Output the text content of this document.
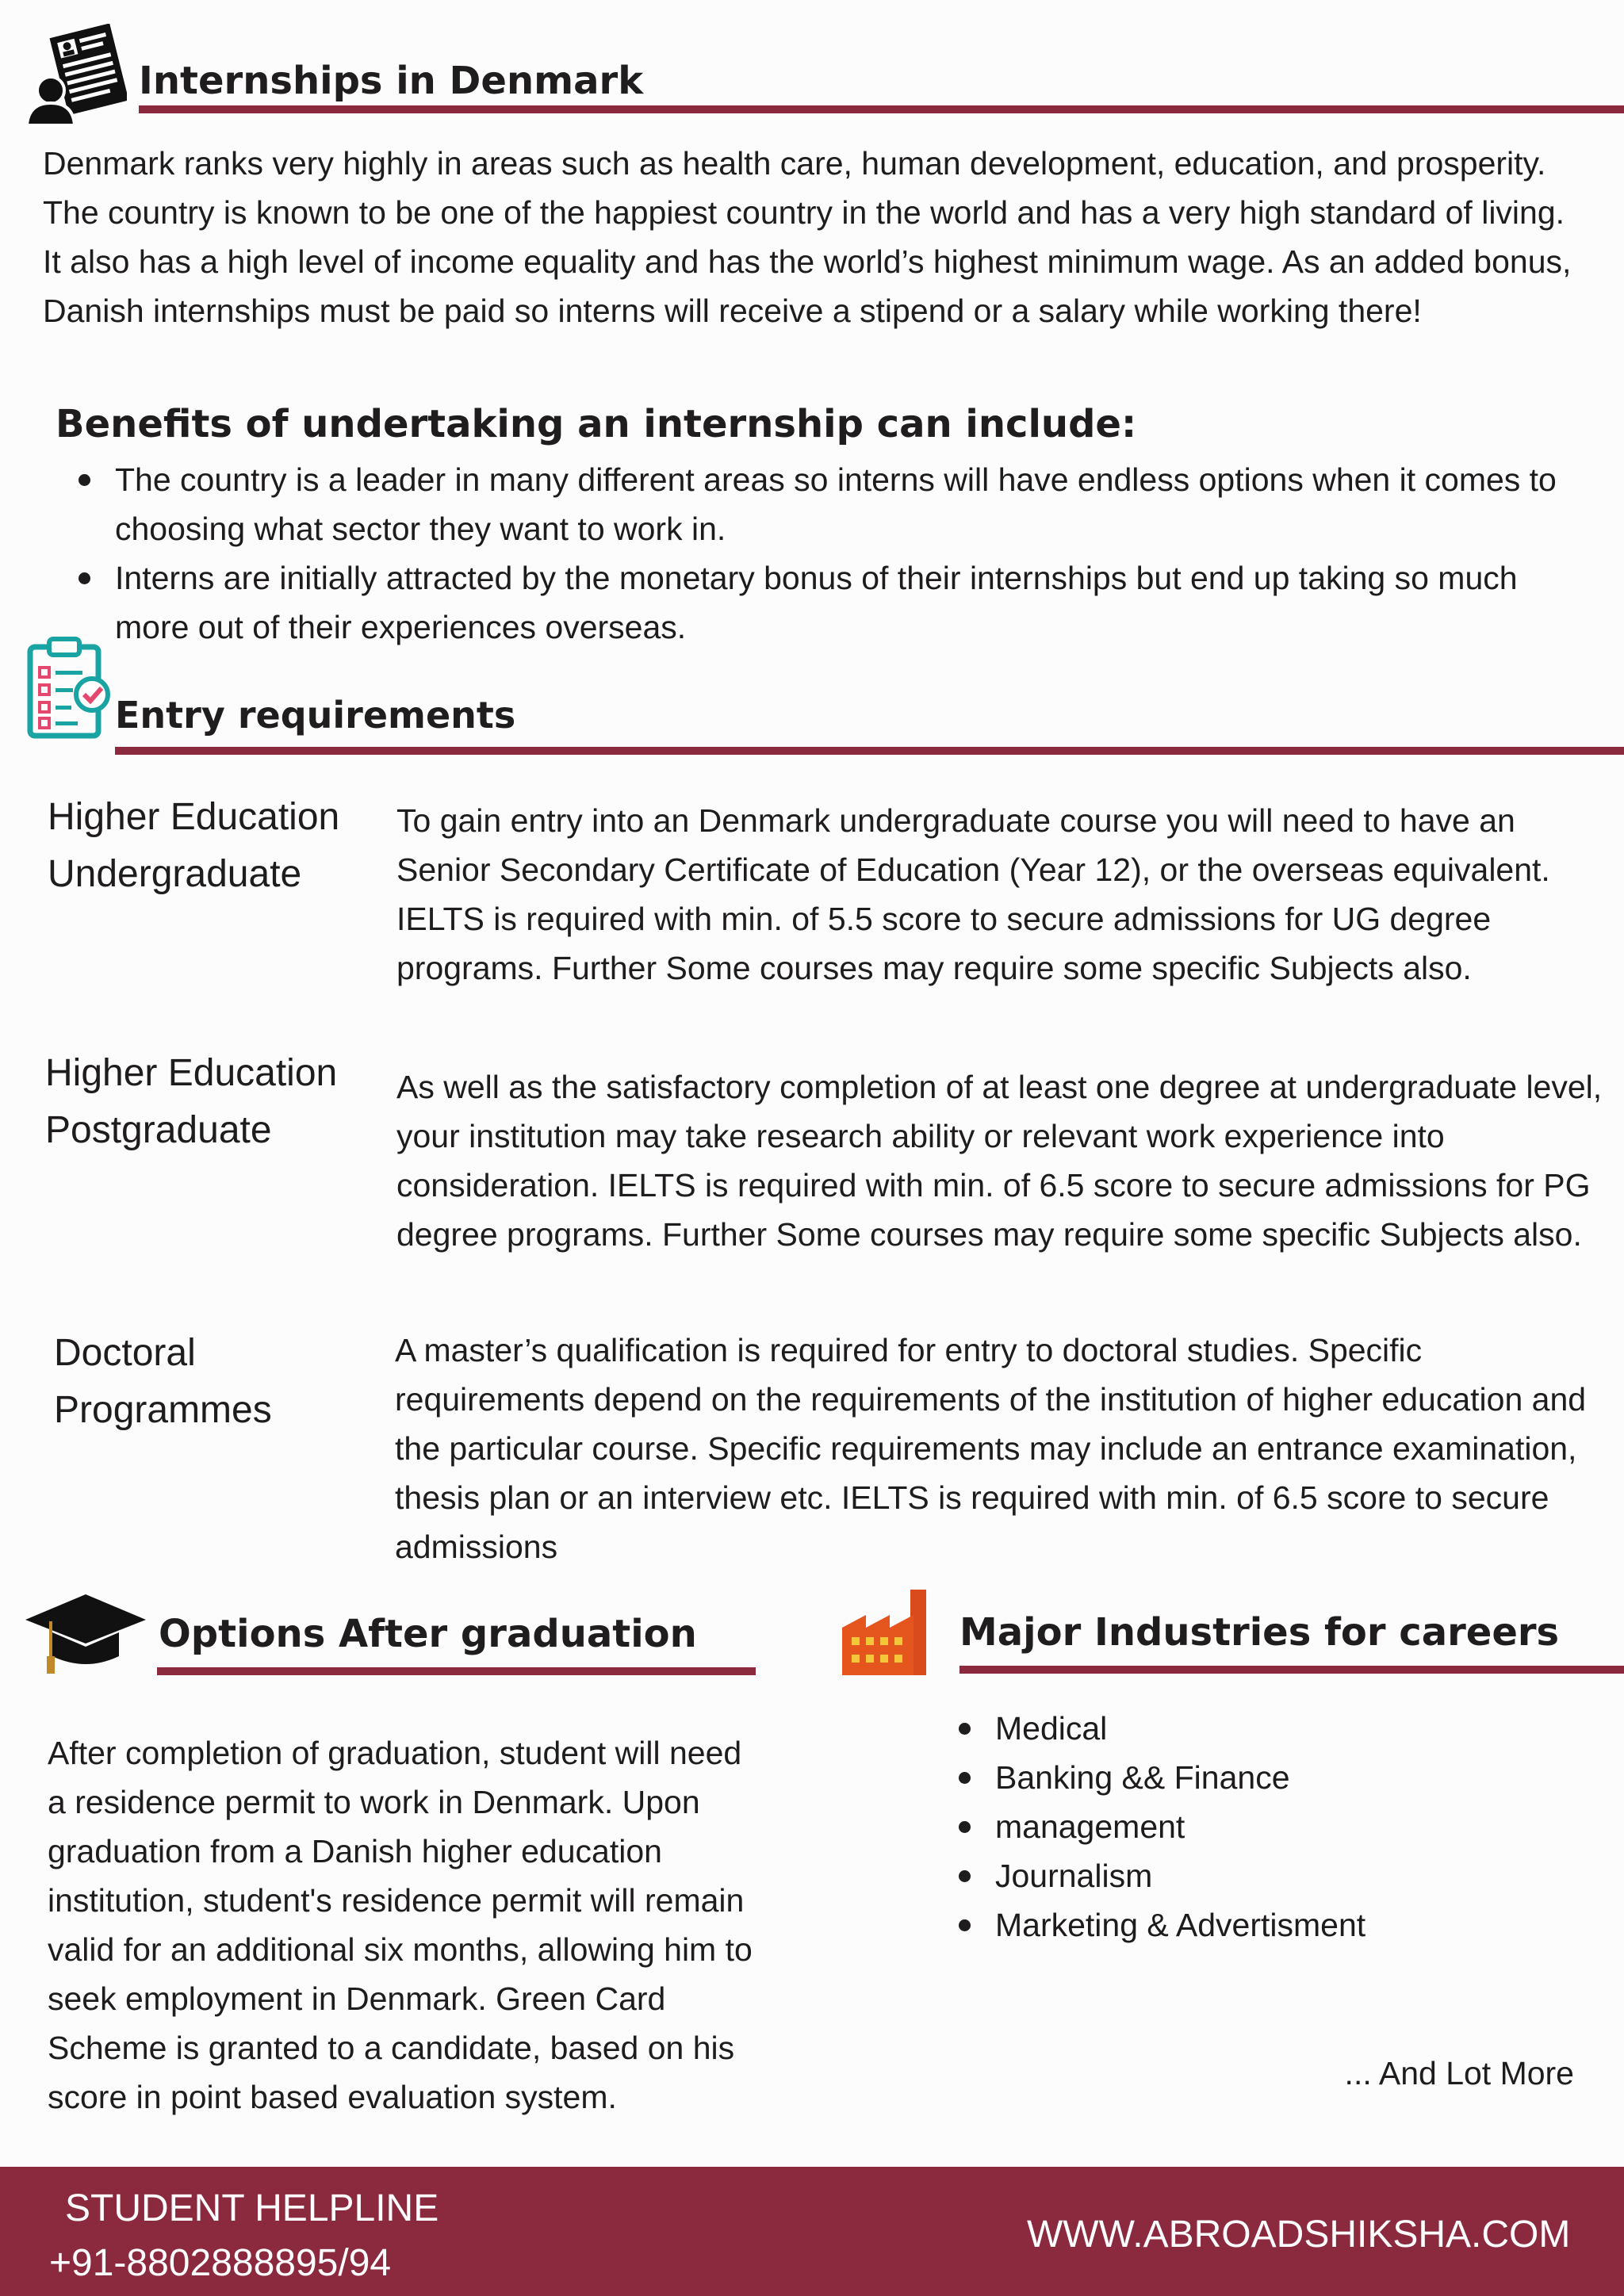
Internships in Denmark
Denmark ranks very highly in areas such as health care, human development, education, and prosperity. The country is known to be one of the happiest country in the world and has a very high standard of living. It also has a high level of income equality and has the world’s highest minimum wage. As an added bonus, Danish internships must be paid so interns will receive a stipend or a salary while working there!
Benefits of undertaking an internship can include:
The country is a leader in many different areas so interns will have endless options when it comes to choosing what sector they want to work in.
Interns are initially attracted by the monetary bonus of their internships but end up taking so much more out of their experiences overseas.
Entry requirements
Higher Education
Undergraduate
To gain entry into an Denmark undergraduate course you will need to have an Senior Secondary Certificate of Education (Year 12), or the overseas equivalent. IELTS is required with min. of 5.5 score to secure admissions for UG degree programs. Further Some courses may require some specific Subjects also.
Higher Education
Postgraduate
As well as the satisfactory completion of at least one degree at undergraduate level, your institution may take research ability or relevant work experience into consideration. IELTS is required with min. of 6.5 score to secure admissions for PG degree programs. Further Some courses may require some specific Subjects also.
Doctoral
Programmes
A master’s qualification is required for entry to doctoral studies. Specific requirements depend on the requirements of the institution of higher education and the particular course. Specific requirements may include an entrance examination, thesis plan or an interview etc. IELTS is required with min. of 6.5 score to secure admissions
Options After graduation
After completion of graduation, student will need a residence permit to work in Denmark. Upon graduation from a Danish higher education institution, student's residence permit will remain valid for an additional six months, allowing him to seek employment in Denmark. Green Card Scheme is granted to a candidate, based on his score in point based evaluation system.
Major Industries for careers
Medical
Banking && Finance
management
Journalism
Marketing & Advertisment
... And Lot More
STUDENT HELPLINE
+91-8802888895/94
WWW.ABROADSHIKSHA.COM
